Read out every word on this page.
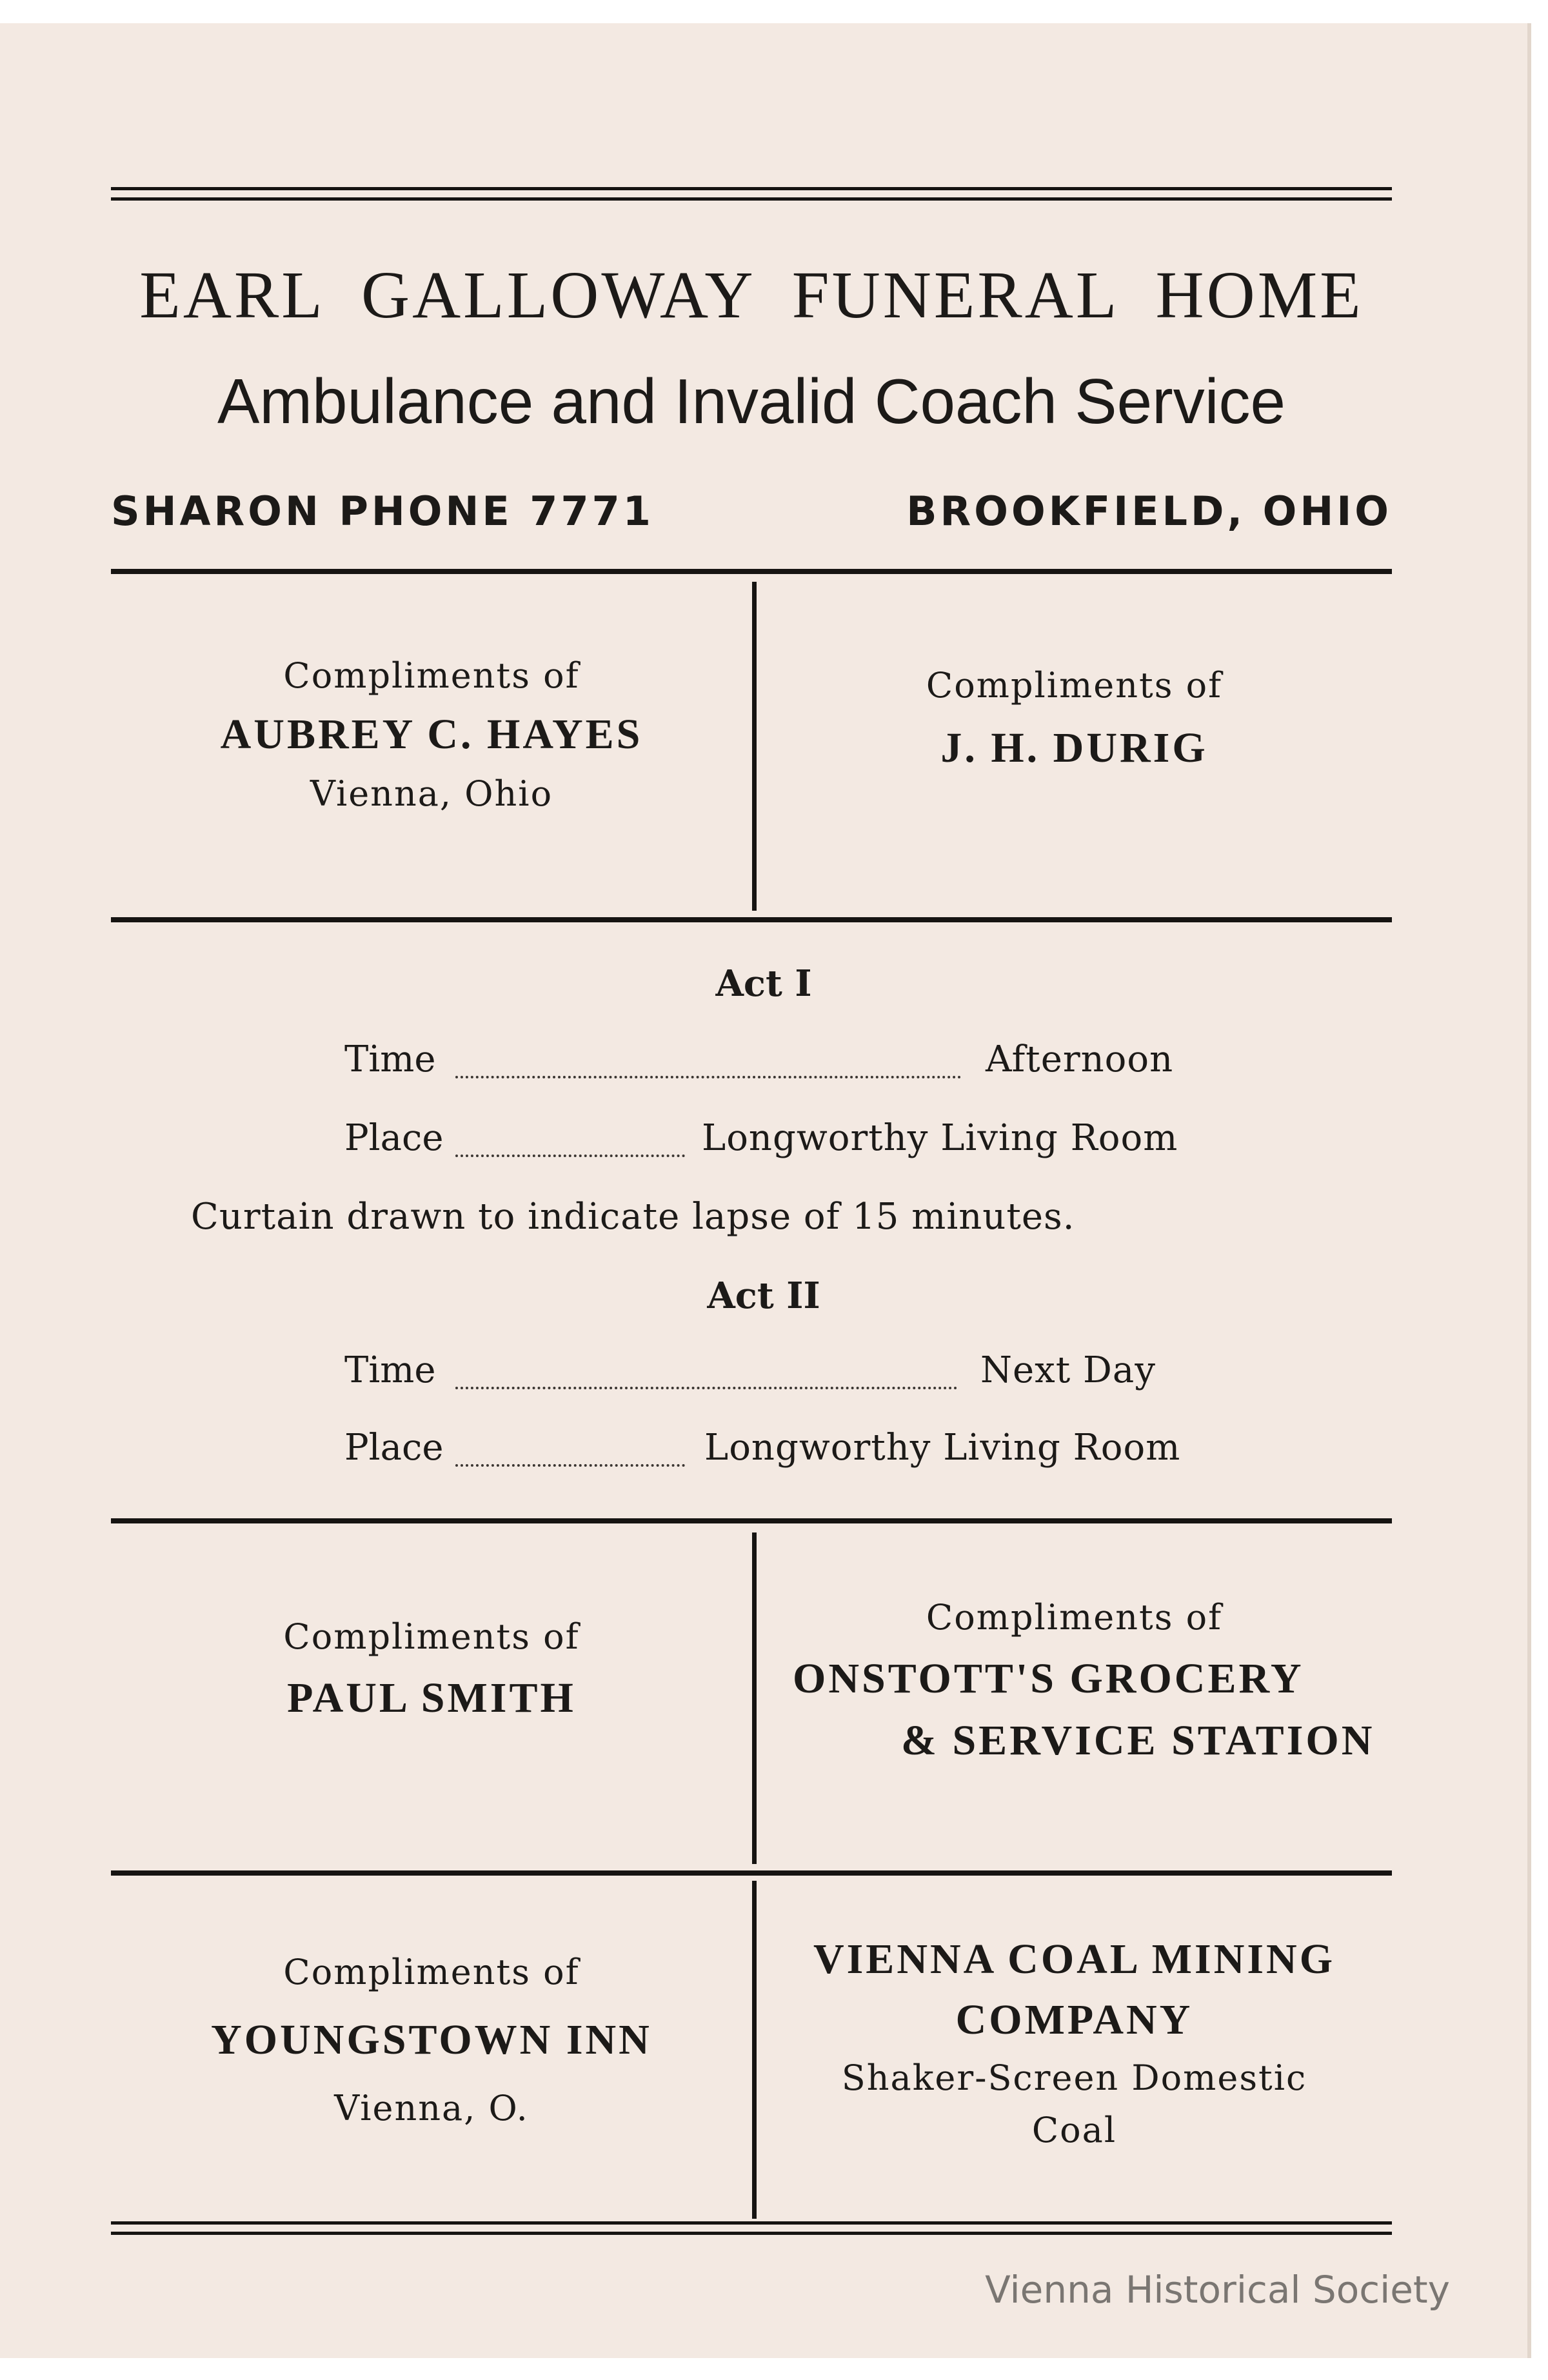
EARL GALLOWAY FUNERAL HOME
Ambulance and Invalid Coach Service
SHARON PHONE 7771	BROOKFIELD, OHIO
Compliments of
AUBREY C. HAYES
Vienna, Ohio
Compliments of
J. H. DURIG
Act I
Time	Afternoon
Place	Longworthy Living Room
Curtain drawn to indicate lapse of 15 minutes.
Act II
Time	Next Day
Place	Longworthy Living Room
Compliments of
PAUL SMITH
Compliments of
ONSTOTT'S GROCERY
& SERVICE STATION
Compliments of
YOUNGSTOWN INN
Vienna, O.
VIENNA COAL MINING
COMPANY
Shaker-Screen Domestic
Coal
Vienna Historical Society
